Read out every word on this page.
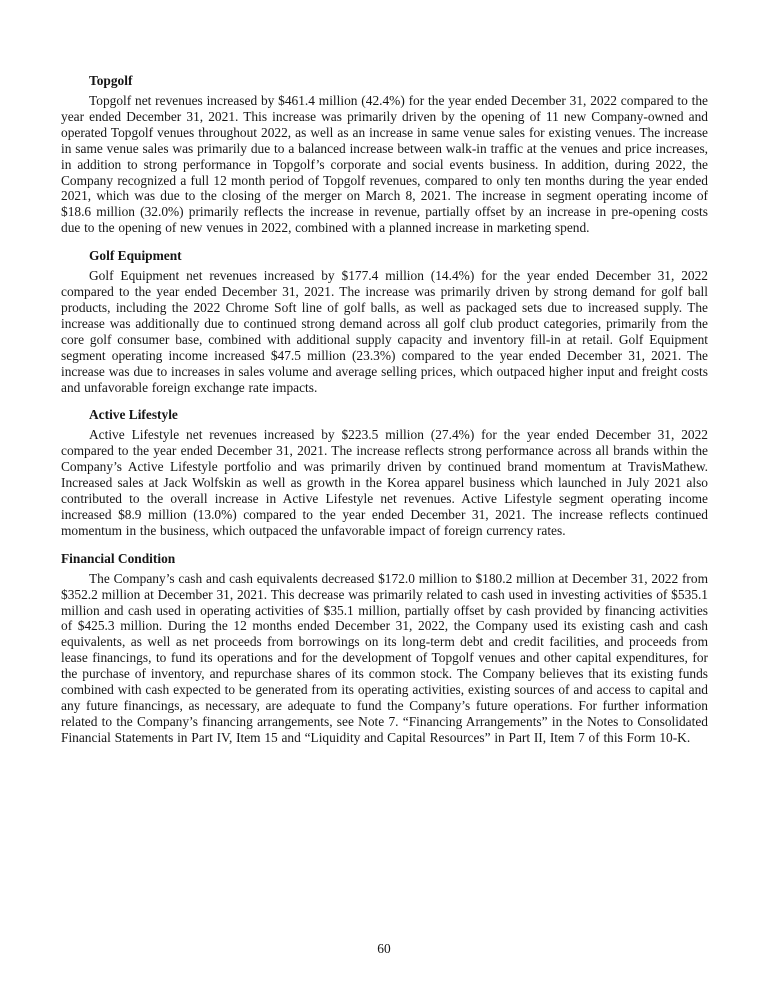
Topgolf

Topgolf net revenues increased by $461.4 million (42.4%) for the year ended December 31, 2022 compared to the year ended December 31, 2021. This increase was primarily driven by the opening of 11 new Company-owned and operated Topgolf venues throughout 2022, as well as an increase in same venue sales for existing venues. The increase in same venue sales was primarily due to a balanced increase between walk-in traffic at the venues and price increases, in addition to strong performance in Topgolf’s corporate and social events business. In addition, during 2022, the Company recognized a full 12 month period of Topgolf revenues, compared to only ten months during the year ended 2021, which was due to the closing of the merger on March 8, 2021. The increase in segment operating income of $18.6 million (32.0%) primarily reflects the increase in revenue, partially offset by an increase in pre-opening costs due to the opening of new venues in 2022, combined with a planned increase in marketing spend.

Golf Equipment

Golf Equipment net revenues increased by $177.4 million (14.4%) for the year ended December 31, 2022 compared to the year ended December 31, 2021. The increase was primarily driven by strong demand for golf ball products, including the 2022 Chrome Soft line of golf balls, as well as packaged sets due to increased supply. The increase was additionally due to continued strong demand across all golf club product categories, primarily from the core golf consumer base, combined with additional supply capacity and inventory fill-in at retail. Golf Equipment segment operating income increased $47.5 million (23.3%) compared to the year ended December 31, 2021. The increase was due to increases in sales volume and average selling prices, which outpaced higher input and freight costs and unfavorable foreign exchange rate impacts.

Active Lifestyle

Active Lifestyle net revenues increased by $223.5 million (27.4%) for the year ended December 31, 2022 compared to the year ended December 31, 2021. The increase reflects strong performance across all brands within the Company’s Active Lifestyle portfolio and was primarily driven by continued brand momentum at TravisMathew. Increased sales at Jack Wolfskin as well as growth in the Korea apparel business which launched in July 2021 also contributed to the overall increase in Active Lifestyle net revenues. Active Lifestyle segment operating income increased $8.9 million (13.0%) compared to the year ended December 31, 2021. The increase reflects continued momentum in the business, which outpaced the unfavorable impact of foreign currency rates.

Financial Condition

The Company’s cash and cash equivalents decreased $172.0 million to $180.2 million at December 31, 2022 from $352.2 million at December 31, 2021. This decrease was primarily related to cash used in investing activities of $535.1 million and cash used in operating activities of $35.1 million, partially offset by cash provided by financing activities of $425.3 million. During the 12 months ended December 31, 2022, the Company used its existing cash and cash equivalents, as well as net proceeds from borrowings on its long-term debt and credit facilities, and proceeds from lease financings, to fund its operations and for the development of Topgolf venues and other capital expenditures, for the purchase of inventory, and repurchase shares of its common stock. The Company believes that its existing funds combined with cash expected to be generated from its operating activities, existing sources of and access to capital and any future financings, as necessary, are adequate to fund the Company’s future operations. For further information related to the Company’s financing arrangements, see Note 7. “Financing Arrangements” in the Notes to Consolidated Financial Statements in Part IV, Item 15 and “Liquidity and Capital Resources” in Part II, Item 7 of this Form 10-K.

60
